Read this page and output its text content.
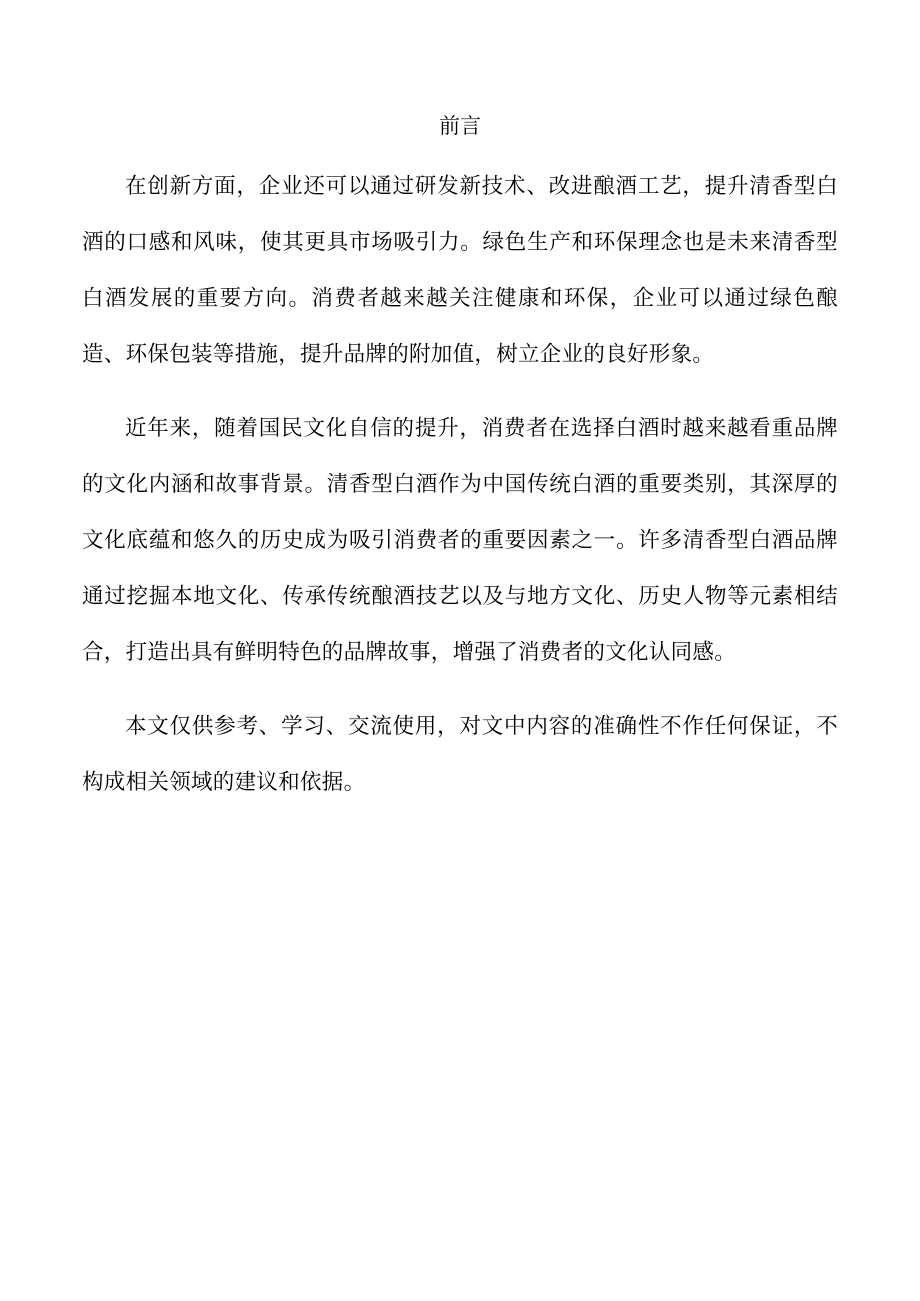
前言

在创新方面，企业还可以通过研发新技术、改进酿酒工艺，提升清香型白酒的口感和风味，使其更具市场吸引力。绿色生产和环保理念也是未来清香型白酒发展的重要方向。消费者越来越关注健康和环保，企业可以通过绿色酿造、环保包装等措施，提升品牌的附加值，树立企业的良好形象。

近年来，随着国民文化自信的提升，消费者在选择白酒时越来越看重品牌的文化内涵和故事背景。清香型白酒作为中国传统白酒的重要类别，其深厚的文化底蕴和悠久的历史成为吸引消费者的重要因素之一。许多清香型白酒品牌通过挖掘本地文化、传承传统酿酒技艺以及与地方文化、历史人物等元素相结合，打造出具有鲜明特色的品牌故事，增强了消费者的文化认同感。

本文仅供参考、学习、交流使用，对文中内容的准确性不作任何保证，不构成相关领域的建议和依据。
